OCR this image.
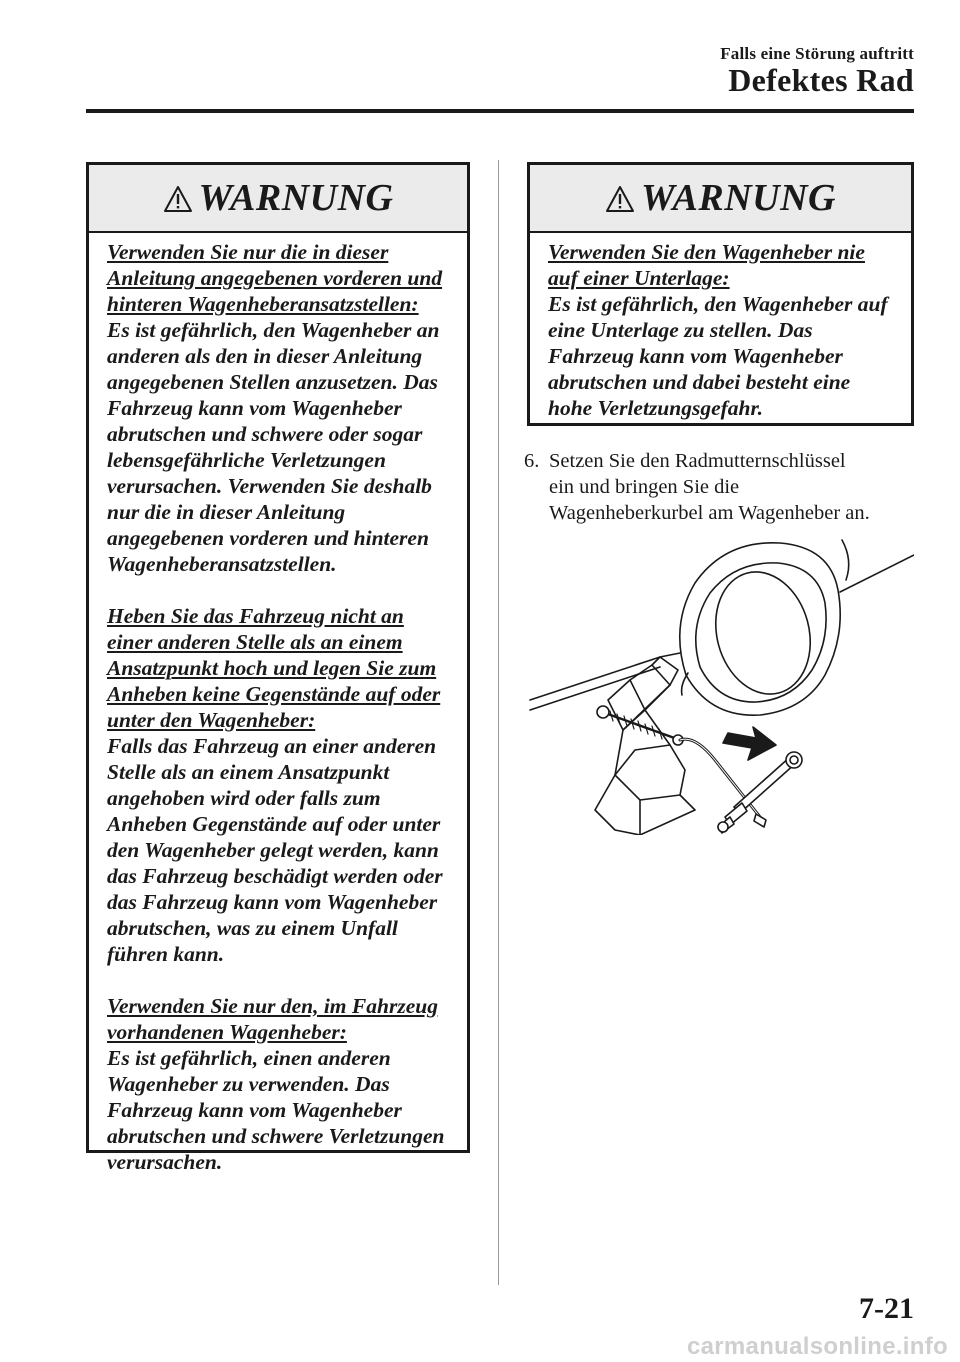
Falls eine Störung auftritt
Defektes Rad
WARNUNG

Verwenden Sie nur die in dieser

Anleitung angegebenen vorderen und

hinteren Wagenheberansatzstellen:

Es ist gefährlich, den Wagenheber an

anderen als den in dieser Anleitung

angegebenen Stellen anzusetzen. Das

Fahrzeug kann vom Wagenheber

abrutschen und schwere oder sogar

lebensgefährliche Verletzungen

verursachen. Verwenden Sie deshalb

nur die in dieser Anleitung

angegebenen vorderen und hinteren

Wagenheberansatzstellen.

Heben Sie das Fahrzeug nicht an

einer anderen Stelle als an einem

Ansatzpunkt hoch und legen Sie zum

Anheben keine Gegenstände auf oder

unter den Wagenheber:

Falls das Fahrzeug an einer anderen

Stelle als an einem Ansatzpunkt

angehoben wird oder falls zum

Anheben Gegenstände auf oder unter

den Wagenheber gelegt werden, kann

das Fahrzeug beschädigt werden oder

das Fahrzeug kann vom Wagenheber

abrutschen, was zu einem Unfall

führen kann.

Verwenden Sie nur den, im Fahrzeug

vorhandenen Wagenheber:

Es ist gefährlich, einen anderen

Wagenheber zu verwenden. Das

Fahrzeug kann vom Wagenheber

abrutschen und schwere Verletzungen

verursachen.

WARNUNG

Verwenden Sie den Wagenheber nie

auf einer Unterlage:

Es ist gefährlich, den Wagenheber auf

eine Unterlage zu stellen. Das

Fahrzeug kann vom Wagenheber

abrutschen und dabei besteht eine

hohe Verletzungsgefahr.

6. Setzen Sie den Radmutternschlüssel
ein und bringen Sie die
Wagenheberkurbel am Wagenheber an.
7-21
carmanualsonline.info
